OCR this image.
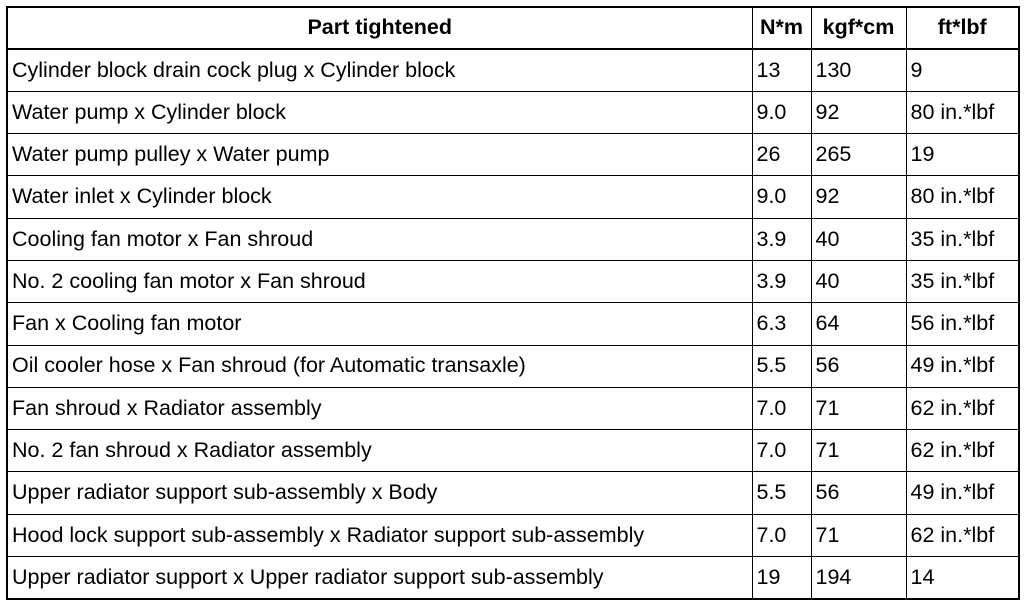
Part tightened	N*m	kgf*cm	ft*lbf
Cylinder block drain cock plug x Cylinder block	13	130	9
Water pump x Cylinder block	9.0	92	80 in.*lbf
Water pump pulley x Water pump	26	265	19
Water inlet x Cylinder block	9.0	92	80 in.*lbf
Cooling fan motor x Fan shroud	3.9	40	35 in.*lbf
No. 2 cooling fan motor x Fan shroud	3.9	40	35 in.*lbf
Fan x Cooling fan motor	6.3	64	56 in.*lbf
Oil cooler hose x Fan shroud (for Automatic transaxle)	5.5	56	49 in.*lbf
Fan shroud x Radiator assembly	7.0	71	62 in.*lbf
No. 2 fan shroud x Radiator assembly	7.0	71	62 in.*lbf
Upper radiator support sub-assembly x Body	5.5	56	49 in.*lbf
Hood lock support sub-assembly x Radiator support sub-assembly	7.0	71	62 in.*lbf
Upper radiator support x Upper radiator support sub-assembly	19	194	14
